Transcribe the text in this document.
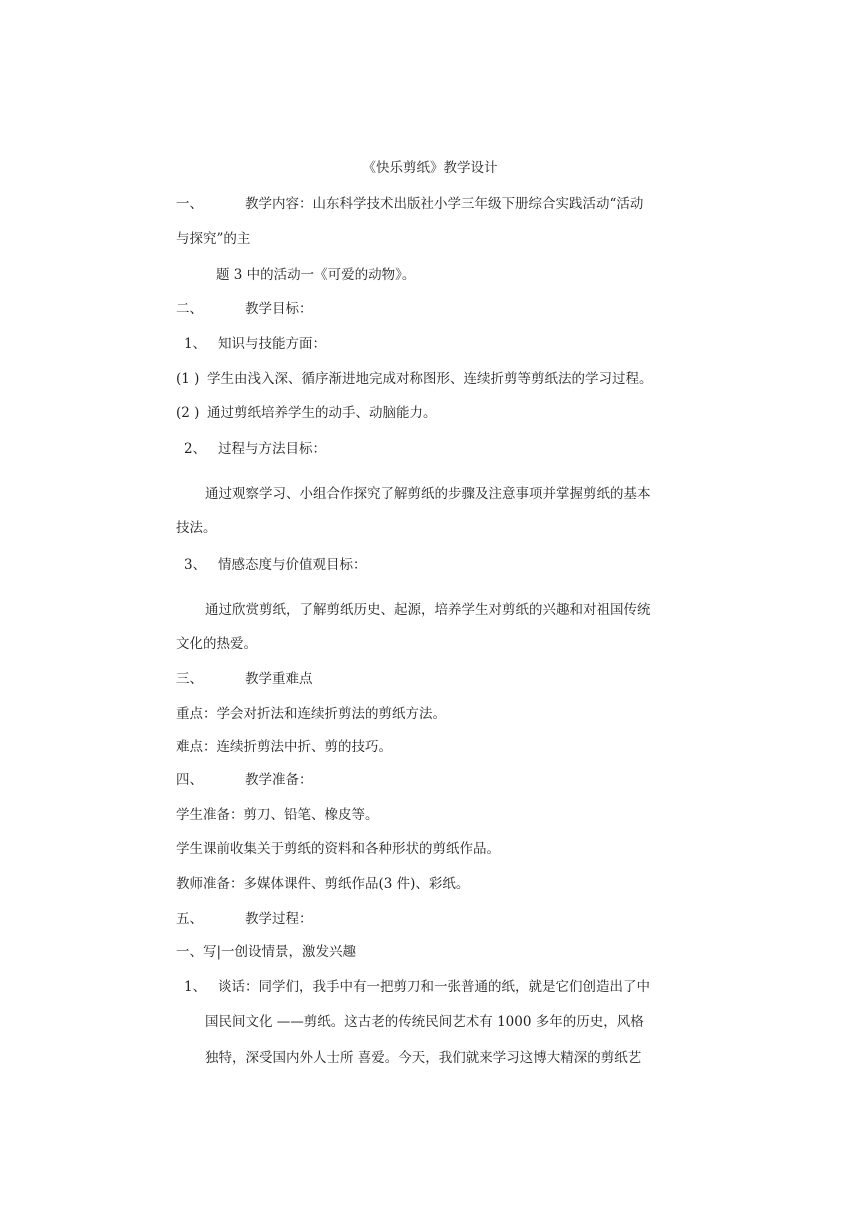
《快乐剪纸》教学设计
一、	教学内容：山东科学技术出版社小学三年级下册综合实践活动“活动
与探究”的主
题 3 中的活动一《可爱的动物》。
二、	教学目标：
1、 知识与技能方面：
(1 ) 学生由浅入深、循序渐进地完成对称图形、连续折剪等剪纸法的学习过程。
(2 ) 通过剪纸培养学生的动手、动脑能力。
2、 过程与方法目标：
通过观察学习、小组合作探究了解剪纸的步骤及注意事项并掌握剪纸的基本
技法。
3、 情感态度与价值观目标：
通过欣赏剪纸，了解剪纸历史、起源，培养学生对剪纸的兴趣和对祖国传统
文化的热爱。
三、	教学重难点
重点：学会对折法和连续折剪法的剪纸方法。
难点：连续折剪法中折、剪的技巧。
四、	教学准备：
学生准备：剪刀、铅笔、橡皮等。
学生课前收集关于剪纸的资料和各种形状的剪纸作品。
教师准备：多媒体课件、剪纸作品(3 件)、彩纸。
五、	教学过程：
一、写|一创设情景，激发兴趣
1、 谈话：同学们，我手中有一把剪刀和一张普通的纸，就是它们创造出了中
国民间文化 ——剪纸。这古老的传统民间艺术有 1000 多年的历史，风格
独特，深受国内外人士所 喜爱。今天，我们就来学习这博大精深的剪纸艺
